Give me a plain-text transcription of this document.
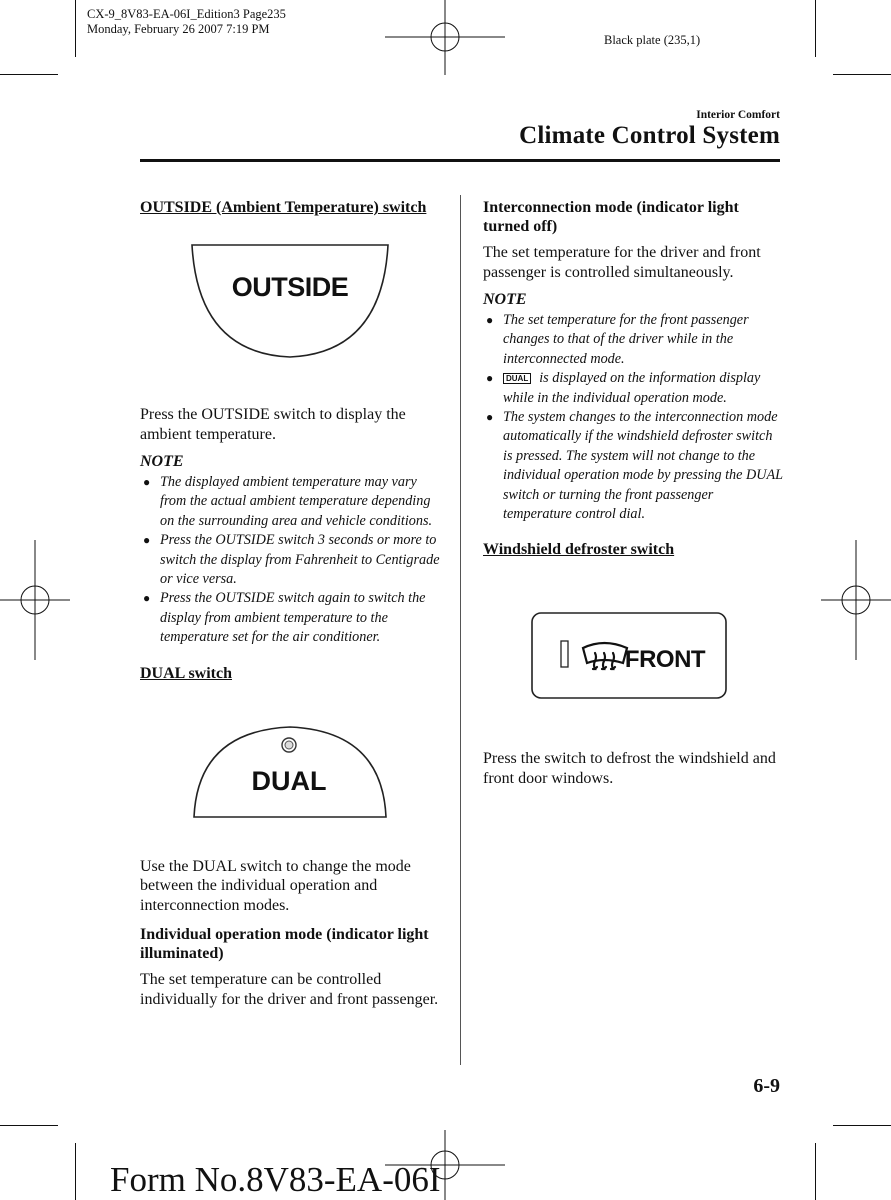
CX-9_8V83-EA-06I_Edition3 Page235
Monday, February 26 2007 7:19 PM
Black plate (235,1)
Interior Comfort
Climate Control System
OUTSIDE (Ambient Temperature) switch
OUTSIDE

Press the OUTSIDE switch to display the ambient temperature.

NOTE
● The displayed ambient temperature may vary from the actual ambient temperature depending on the surrounding area and vehicle conditions.
● Press the OUTSIDE switch 3 seconds or more to switch the display from Fahrenheit to Centigrade or vice versa.
● Press the OUTSIDE switch again to switch the display from ambient temperature to the temperature set for the air conditioner.
DUAL switch
DUAL

Use the DUAL switch to change the mode between the individual operation and interconnection modes.

Individual operation mode (indicator light illuminated)

The set temperature can be controlled individually for the driver and front passenger.

Interconnection mode (indicator light turned off)

The set temperature for the driver and front passenger is controlled simultaneously.

NOTE
● The set temperature for the front passenger changes to that of the driver while in the interconnected mode.
● DUAL is displayed on the information display while in the individual operation mode.
● The system changes to the interconnection mode automatically if the windshield defroster switch is pressed. The system will not change to the individual operation mode by pressing the DUAL switch or turning the front passenger temperature control dial.
Windshield defroster switch
FRONT

Press the switch to defrost the windshield and front door windows.

6-9
Form No.8V83-EA-06I
